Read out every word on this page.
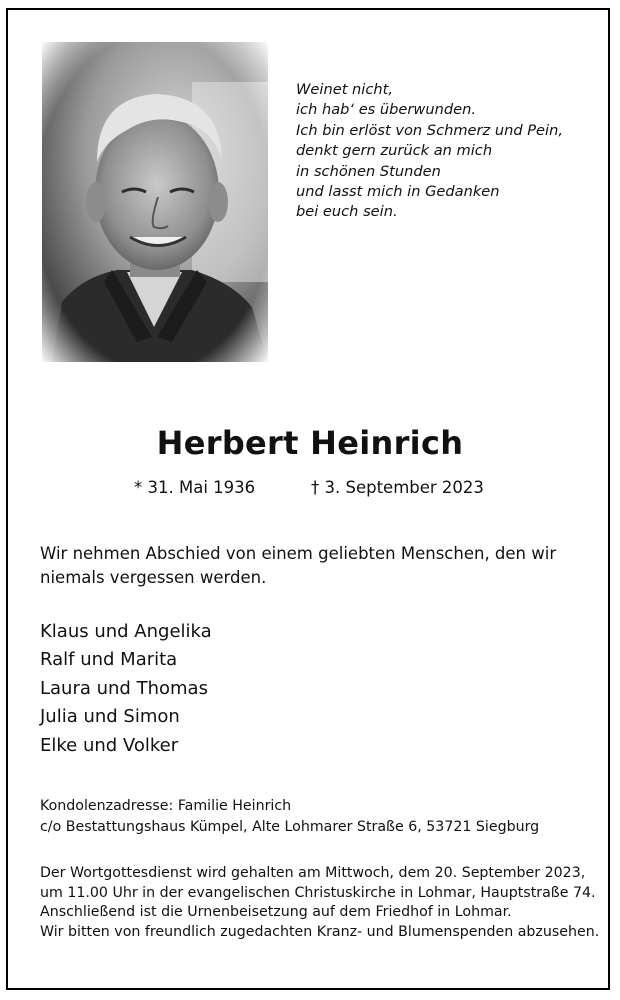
Weinet nicht,
ich hab‘ es überwunden.
Ich bin erlöst von Schmerz und Pein,
denkt gern zurück an mich
in schönen Stunden
und lasst mich in Gedanken
bei euch sein.
Herbert Heinrich
* 31. Mai 1936	† 3. September 2023
Wir nehmen Abschied von einem geliebten Menschen, den wir
niemals vergessen werden.
Klaus und Angelika
Ralf und Marita
Laura und Thomas
Julia und Simon
Elke und Volker
Kondolenzadresse: Familie Heinrich
c/o Bestattungshaus Kümpel, Alte Lohmarer Straße 6, 53721 Siegburg
Der Wortgottesdienst wird gehalten am Mittwoch, dem 20. September 2023,
um 11.00 Uhr in der evangelischen Christuskirche in Lohmar, Hauptstraße 74.
Anschließend ist die Urnenbeisetzung auf dem Friedhof in Lohmar.
Wir bitten von freundlich zugedachten Kranz- und Blumenspenden abzusehen.
